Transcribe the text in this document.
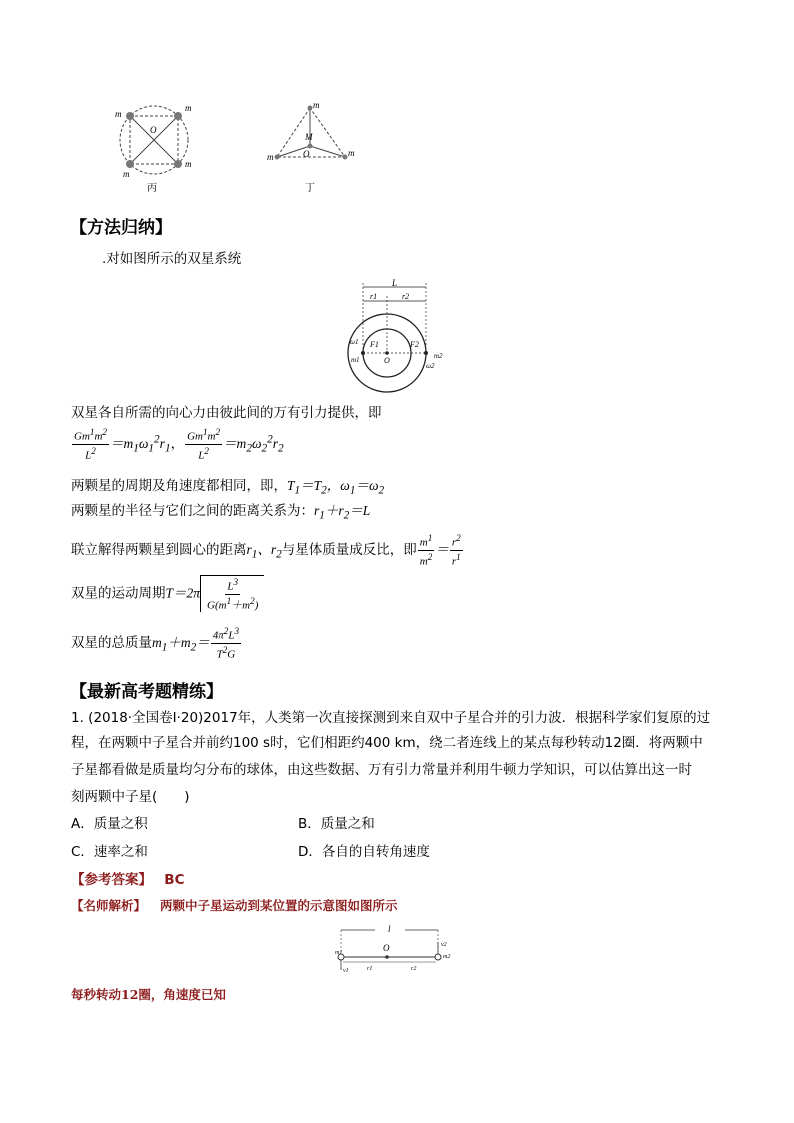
m
m
m
m
O
丙
m
m	m
M
O
丁
【方法归纳】
.对如图所示的双星系统
L
r1	r2
F1	F2
O
m1	m2
ω1
ω2
双星各自所需的向心力由彼此间的万有引力提供，即
$\frac{Gm^1m^2}{L^2} =m_1\omega_1^2r_1$， $\frac{Gm^1m^2}{L^2} =m_2\omega_2^2r_2$
两颗星的周期及角速度都相同，即，$T_1=T_2$，$\omega_1=\omega_2$
两颗星的半径与它们之间的距离关系为：$r_1+r_2=L$
联立解得两颗星到圆心的距离$r_1$、$r_2$与星体质量成反比，即 $\frac{m^1}{m^2} = \frac{r^2}{r^1}$
双星的运动周期$T=2\pi \frac{L^3}{G(m^1+m^2)}$
双星的总质量$m_1+m_2= \frac{4\pi^2L^3}{T^2G}$
【最新高考题精练】
1. (2018·全国卷Ⅰ·20)2017年，人类第一次直接探测到来自双中子星合并的引力波．根据科学家们复原的过
程，在两颗中子星合并前约100 s时，它们相距约400 km，绕二者连线上的某点每秒转动12圈．将两颗中
子星都看做是质量均匀分布的球体，由这些数据、万有引力常量并利用牛顿力学知识，可以估算出这一时
刻两颗中子星(　　)
A．质量之积	B．质量之和
C．速率之和	D．各自的自转角速度
【参考答案】 BC
【名师解析】 两颗中子星运动到某位置的示意图如图所示
l
O
m1
m2
v1
v2
r1	r2
每秒转动12圈，角速度已知
